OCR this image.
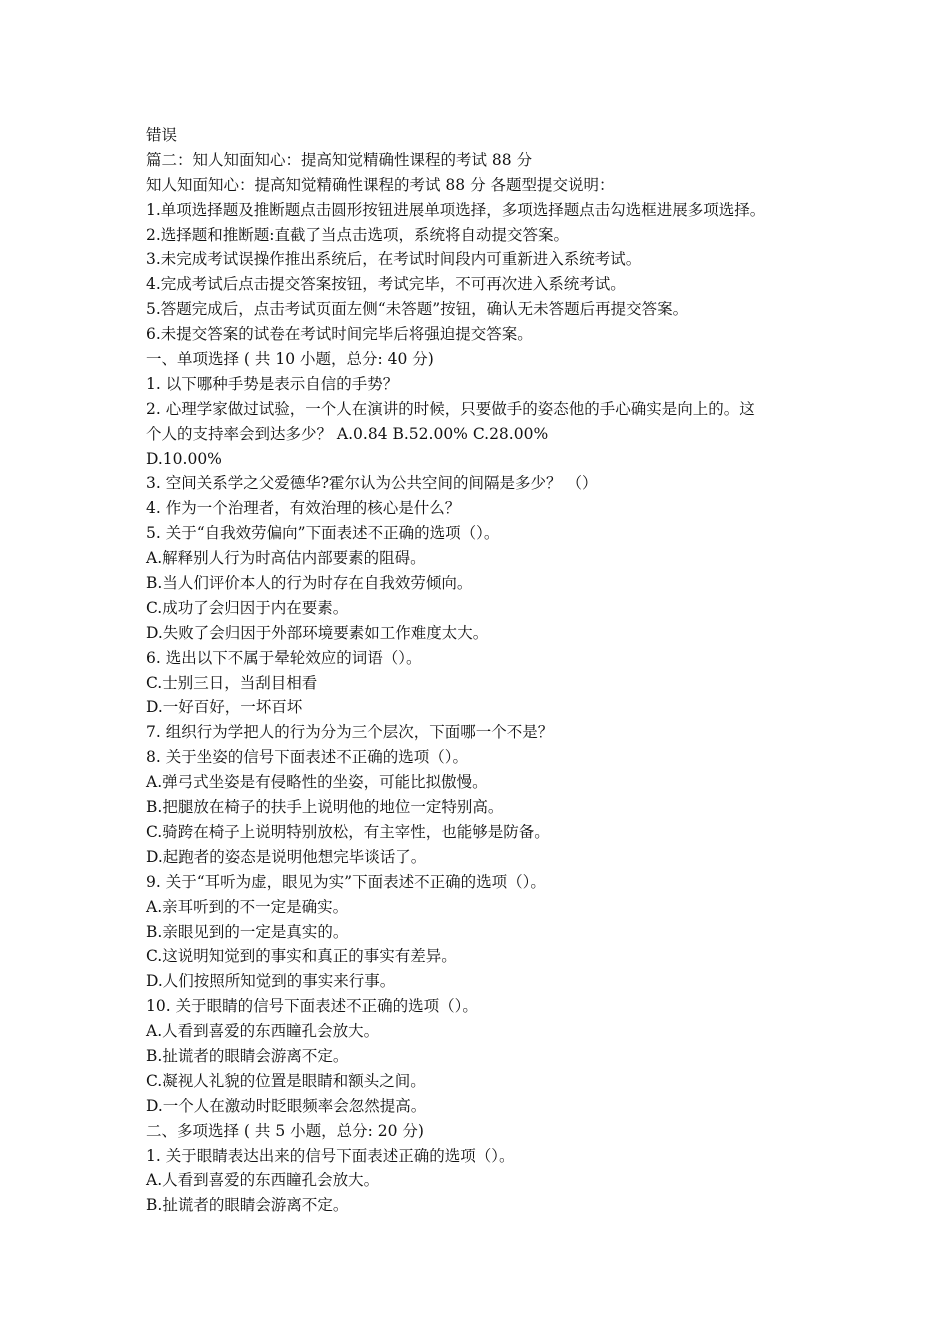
错误
篇二：知人知面知心：提高知觉精确性课程的考试 88 分
知人知面知心：提高知觉精确性课程的考试 88 分 各题型提交说明：
1.单项选择题及推断题点击圆形按钮进展单项选择，多项选择题点击勾选框进展多项选择。
2.选择题和推断题:直截了当点击选项，系统将自动提交答案。
3.未完成考试误操作推出系统后，在考试时间段内可重新进入系统考试。
4.完成考试后点击提交答案按钮，考试完毕，不可再次进入系统考试。
5.答题完成后，点击考试页面左侧“未答题”按钮，确认无未答题后再提交答案。
6.未提交答案的试卷在考试时间完毕后将强迫提交答案。
一、单项选择 ( 共 10 小题，总分: 40 分)
1. 以下哪种手势是表示自信的手势？
2. 心理学家做过试验，一个人在演讲的时候，只要做手的姿态他的手心确实是向上的。这
个人的支持率会到达多少？ A.0.84 B.52.00% C.28.00%
D.10.00%
3. 空间关系学之父爱德华?霍尔认为公共空间的间隔是多少？ （）
4. 作为一个治理者，有效治理的核心是什么？
5. 关于“自我效劳偏向”下面表述不正确的选项（）。
A.解释别人行为时高估内部要素的阻碍。
B.当人们评价本人的行为时存在自我效劳倾向。
C.成功了会归因于内在要素。
D.失败了会归因于外部环境要素如工作难度太大。
6. 选出以下不属于晕轮效应的词语（）。
C.士别三日，当刮目相看
D.一好百好，一坏百坏
7. 组织行为学把人的行为分为三个层次，下面哪一个不是？
8. 关于坐姿的信号下面表述不正确的选项（）。
A.弹弓式坐姿是有侵略性的坐姿，可能比拟傲慢。
B.把腿放在椅子的扶手上说明他的地位一定特别高。
C.骑跨在椅子上说明特别放松，有主宰性，也能够是防备。
D.起跑者的姿态是说明他想完毕谈话了。
9. 关于“耳听为虚，眼见为实”下面表述不正确的选项（）。
A.亲耳听到的不一定是确实。
B.亲眼见到的一定是真实的。
C.这说明知觉到的事实和真正的事实有差异。
D.人们按照所知觉到的事实来行事。
10. 关于眼睛的信号下面表述不正确的选项（）。
A.人看到喜爱的东西瞳孔会放大。
B.扯谎者的眼睛会游离不定。
C.凝视人礼貌的位置是眼睛和额头之间。
D.一个人在激动时眨眼频率会忽然提高。
二、多项选择 ( 共 5 小题，总分: 20 分)
1. 关于眼睛表达出来的信号下面表述正确的选项（）。
A.人看到喜爱的东西瞳孔会放大。
B.扯谎者的眼睛会游离不定。
